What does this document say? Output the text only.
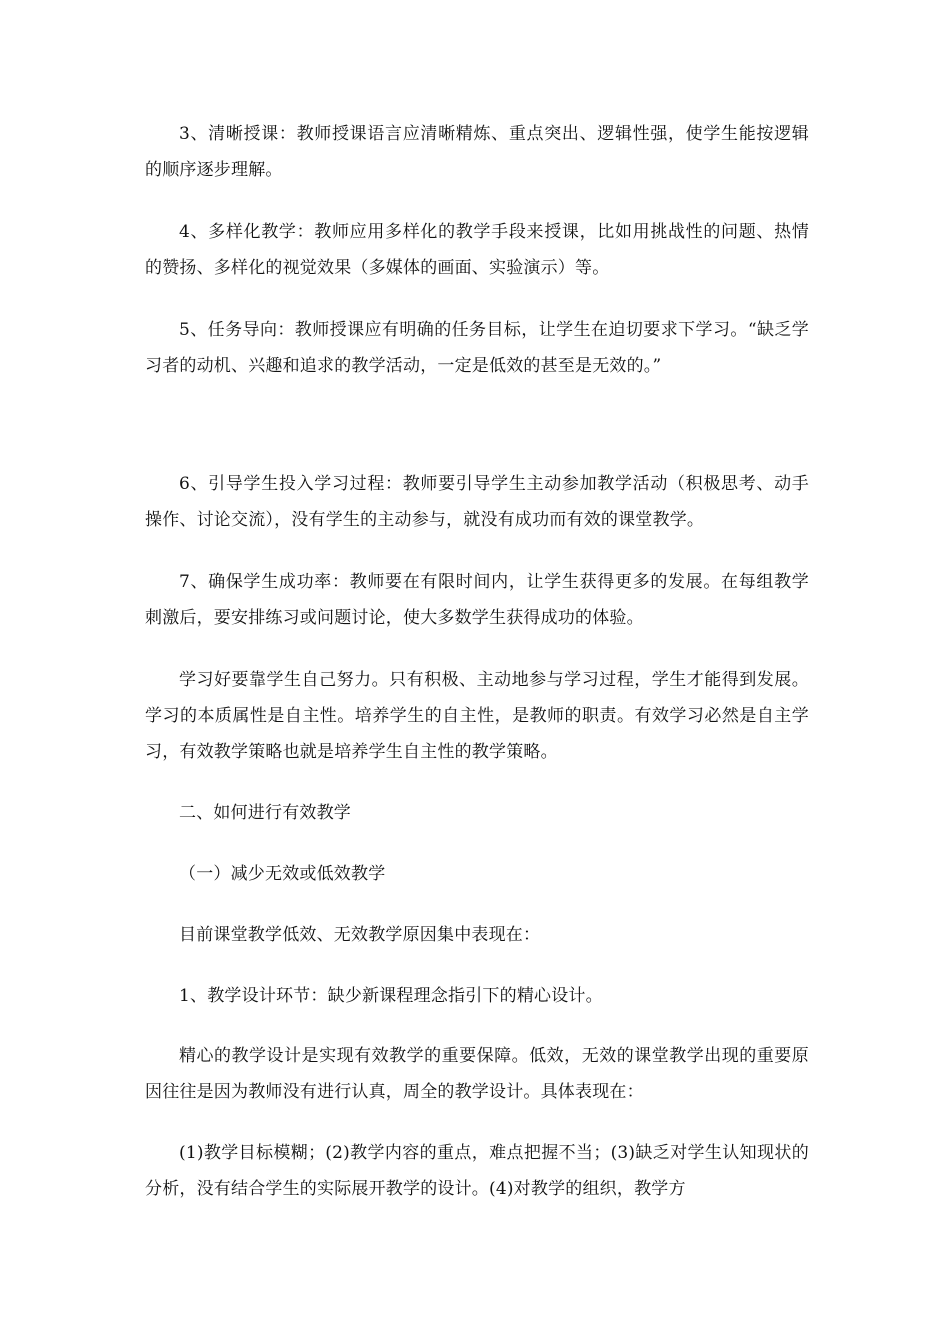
3、清晰授课：教师授课语言应清晰精炼、重点突出、逻辑性强，使学生能按逻辑的顺序逐步理解。

4、多样化教学：教师应用多样化的教学手段来授课，比如用挑战性的问题、热情的赞扬、多样化的视觉效果（多媒体的画面、实验演示）等。

5、任务导向：教师授课应有明确的任务目标，让学生在迫切要求下学习。“缺乏学习者的动机、兴趣和追求的教学活动，一定是低效的甚至是无效的。”

6、引导学生投入学习过程：教师要引导学生主动参加教学活动（积极思考、动手操作、讨论交流），没有学生的主动参与，就没有成功而有效的课堂教学。

7、确保学生成功率：教师要在有限时间内，让学生获得更多的发展。在每组教学刺激后，要安排练习或问题讨论，使大多数学生获得成功的体验。

学习好要靠学生自己努力。只有积极、主动地参与学习过程，学生才能得到发展。学习的本质属性是自主性。培养学生的自主性，是教师的职责。有效学习必然是自主学习，有效教学策略也就是培养学生自主性的教学策略。

二、如何进行有效教学

（一）减少无效或低效教学

目前课堂教学低效、无效教学原因集中表现在：

1、教学设计环节：缺少新课程理念指引下的精心设计。

精心的教学设计是实现有效教学的重要保障。低效，无效的课堂教学出现的重要原因往往是因为教师没有进行认真，周全的教学设计。具体表现在：

(1)教学目标模糊；(2)教学内容的重点，难点把握不当；(3)缺乏对学生认知现状的分析，没有结合学生的实际展开教学的设计。(4)对教学的组织，教学方
